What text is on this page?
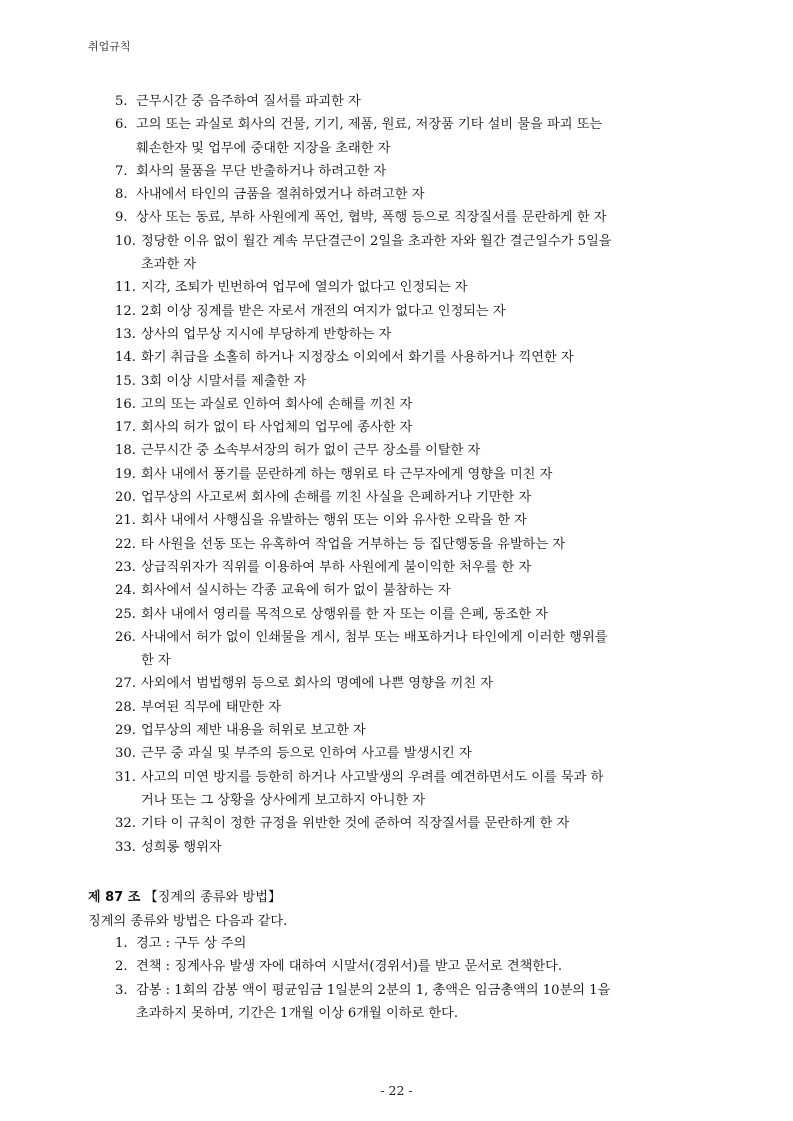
취업규칙
5. 근무시간 중 음주하여 질서를 파괴한 자
6. 고의 또는 과실로 회사의 건물, 기기, 제품, 원료, 저장품 기타 설비 물을 파괴 또는
훼손한자 및 업무에 중대한 지장을 초래한 자
7. 회사의 물품을 무단 반출하거나 하려고한 자
8. 사내에서 타인의 금품을 절취하였거나 하려고한 자
9. 상사 또는 동료, 부하 사원에게 폭언, 협박, 폭행 등으로 직장질서를 문란하게 한 자
10. 정당한 이유 없이 월간 계속 무단결근이 2일을 초과한 자와 월간 결근일수가 5일을
초과한 자
11. 지각, 조퇴가 빈번하여 업무에 열의가 없다고 인정되는 자
12. 2회 이상 징계를 받은 자로서 개전의 여지가 없다고 인정되는 자
13. 상사의 업무상 지시에 부당하게 반항하는 자
14. 화기 취급을 소홀히 하거나 지정장소 이외에서 화기를 사용하거나 끽연한 자
15. 3회 이상 시말서를 제출한 자
16. 고의 또는 과실로 인하여 회사에 손해를 끼친 자
17. 회사의 허가 없이 타 사업체의 업무에 종사한 자
18. 근무시간 중 소속부서장의 허가 없이 근무 장소를 이탈한 자
19. 회사 내에서 풍기를 문란하게 하는 행위로 타 근무자에게 영향을 미친 자
20. 업무상의 사고로써 회사에 손해를 끼친 사실을 은폐하거나 기만한 자
21. 회사 내에서 사행심을 유발하는 행위 또는 이와 유사한 오락을 한 자
22. 타 사원을 선동 또는 유혹하여 작업을 거부하는 등 집단행동을 유발하는 자
23. 상급직위자가 직위를 이용하여 부하 사원에게 불이익한 처우를 한 자
24. 회사에서 실시하는 각종 교육에 허가 없이 불참하는 자
25. 회사 내에서 영리를 목적으로 상행위를 한 자 또는 이를 은폐, 동조한 자
26. 사내에서 허가 없이 인쇄물을 게시, 첨부 또는 배포하거나 타인에게 이러한 행위를
한 자
27. 사외에서 범법행위 등으로 회사의 명예에 나쁜 영향을 끼친 자
28. 부여된 직무에 태만한 자
29. 업무상의 제반 내용을 허위로 보고한 자
30. 근무 중 과실 및 부주의 등으로 인하여 사고를 발생시킨 자
31. 사고의 미연 방지를 등한히 하거나 사고발생의 우려를 예견하면서도 이를 묵과 하
거나 또는 그 상황을 상사에게 보고하지 아니한 자
32. 기타 이 규칙이 정한 규정을 위반한 것에 준하여 직장질서를 문란하게 한 자
33. 성희롱 행위자
제 87 조 【징계의 종류와 방법】
징계의 종류와 방법은 다음과 같다.
1. 경고 : 구두 상 주의
2. 견책 : 징계사유 발생 자에 대하여 시말서(경위서)를 받고 문서로 견책한다.
3. 감봉 : 1회의 감봉 액이 평균임금 1일분의 2분의 1, 총액은 임금총액의 10분의 1을
초과하지 못하며, 기간은 1개월 이상 6개월 이하로 한다.
- 22 -
